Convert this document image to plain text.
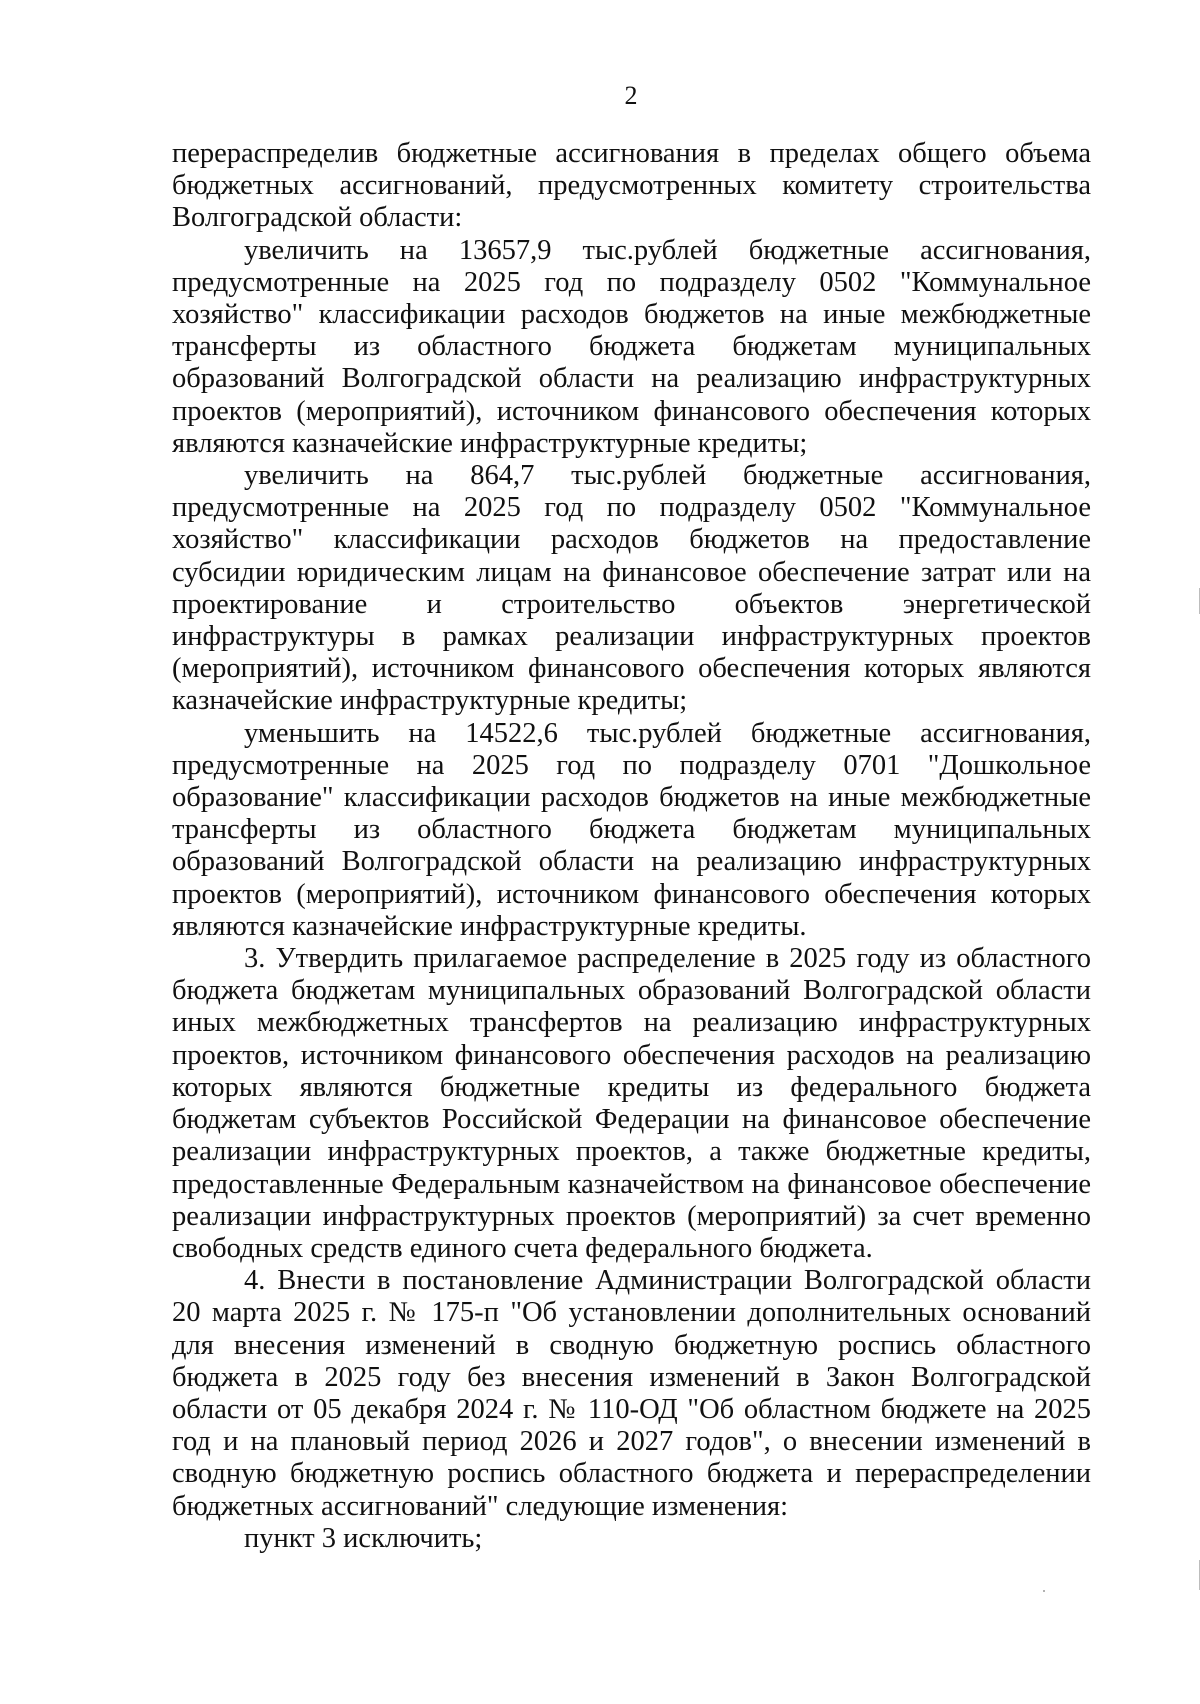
2

перераспределив бюджетные ассигнования в пределах общего объема бюджетных ассигнований, предусмотренных комитету строительства Волгоградской области:

увеличить на 13657,9 тыс.рублей бюджетные ассигнования, предусмотренные на 2025 год по подразделу 0502 "Коммунальное хозяйство" классификации расходов бюджетов на иные межбюджетные трансферты из областного бюджета бюджетам муниципальных образований Волгоградской области на реализацию инфраструктурных проектов (мероприятий), источником финансового обеспечения которых являются казначейские инфраструктурные кредиты;

увеличить на 864,7 тыс.рублей бюджетные ассигнования, предусмотренные на 2025 год по подразделу 0502 "Коммунальное хозяйство" классификации расходов бюджетов на предоставление субсидии юридическим лицам на финансовое обеспечение затрат или на проектирование и строительство объектов энергетической инфраструктуры в рамках реализации инфраструктурных проектов (мероприятий), источником финансового обеспечения которых являются казначейские инфраструктурные кредиты;

уменьшить на 14522,6 тыс.рублей бюджетные ассигнования, предусмотренные на 2025 год по подразделу 0701 "Дошкольное образование" классификации расходов бюджетов на иные межбюджетные трансферты из областного бюджета бюджетам муниципальных образований Волгоградской области на реализацию инфраструктурных проектов (мероприятий), источником финансового обеспечения которых являются казначейские инфраструктурные кредиты.

3. Утвердить прилагаемое распределение в 2025 году из областного бюджета бюджетам муниципальных образований Волгоградской области иных межбюджетных трансфертов на реализацию инфраструктурных проектов, источником финансового обеспечения расходов на реализацию которых являются бюджетные кредиты из федерального бюджета бюджетам субъектов Российской Федерации на финансовое обеспечение реализации инфраструктурных проектов, а также бюджетные кредиты, предоставленные Федеральным казначейством на финансовое обеспечение реализации инфраструктурных проектов (мероприятий) за счет временно свободных средств единого счета федерального бюджета.

4. Внести в постановление Администрации Волгоградской области 20 марта 2025 г. № 175-п "Об установлении дополнительных оснований для внесения изменений в сводную бюджетную роспись областного бюджета в 2025 году без внесения изменений в Закон Волгоградской области от 05 декабря 2024 г. № 110-ОД "Об областном бюджете на 2025 год и на плановый период 2026 и 2027 годов", о внесении изменений в сводную бюджетную роспись областного бюджета и перераспределении бюджетных ассигнований" следующие изменения:

пункт 3 исключить;
